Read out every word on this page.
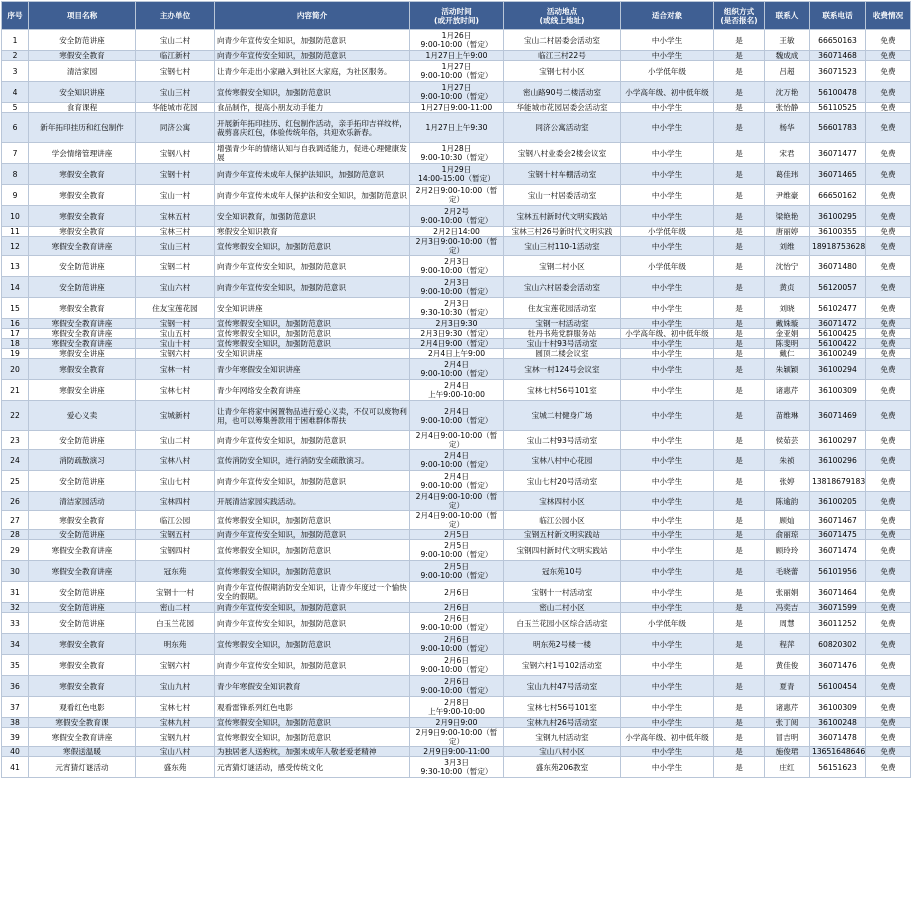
序号	项目名称	主办单位	内容简介	活动时间
(或开放时间)	活动地点
(或线上地址)	适合对象	组织方式
(是否报名)	联系人	联系电话	收费情况
1	安全防范讲座	宝山二村	向青少年宣传安全知识，加强防范意识	1月26日
9:00-10:00（暂定）	宝山二村居委会活动室	中小学生	是	王敏	66650163	免费
2	寒假安全教育	临江新村	向青少年宣传安全知识，加强防范意识	1月27日上午9:00	临江三村22号	中小学生	是	魏成成	36071468	免费
3	清洁家园	宝钢七村	让青少年走出小家融入到社区大家庭，为社区服务。	1月27日
9:00-10:00（暂定）	宝钢七村小区	小学低年级	是	吕超	36071523	免费
4	安全知识讲座	宝山三村	宣传寒假安全知识，加强防范意识	1月27日
9:00-10:00（暂定）	密山路90号二楼活动室	小学高年级、初中低年级	是	沈万艳	56100478	免费
5	食育课程	华能城市花园	食品制作，提高小朋友动手能力	1月27日9:00-11:00	华能城市花园居委会活动室	中小学生	是	张怡静	56110525	免费
6	新年拓印挂历和红包制作	同济公寓	开展新年拓印挂历、红包制作活动，亲手拓印吉祥纹样，裁剪喜庆红包，体验传统年俗，共迎欢乐新春。	1月27日上午9:30	同济公寓活动室	中小学生	是	杨华	56601783	免费
7	学会情绪管理讲座	宝钢八村	增强青少年的情绪认知与自我调适能力，促进心理健康发展	1月28日
9:00-10:30（暂定）	宝钢八村业委会2楼会议室	中小学生	是	宋君	36071477	免费
8	寒假安全教育	宝钢十村	向青少年宣传未成年人保护法知识，加强防范意识	1月29日
14:00-15:00（暂定）	宝钢十村车棚活动室	中小学生	是	葛佳玮	36071465	免费
9	寒假安全教育	宝山一村	向青少年宣传未成年人保护法和安全知识，加强防范意识	2月2日9:00-10:00（暂定）	宝山一村居委活动室	中小学生	是	尹维豪	66650162	免费
10	寒假安全教育	宝林五村	安全知识教育，加强防范意识	2月2号
9:00-10:00（暂定）	宝林五村新时代文明实践站	中小学生	是	梁艳艳	36100295	免费
11	寒假安全教育	宝林三村	寒假安全知识教育	2月2日14:00	宝林三村26号新时代文明实践	小学低年级	是	唐丽婷	36100355	免费
12	寒假安全教育讲座	宝山三村	宣传寒假安全知识，加强防范意识	2月3日9:00-10:00（暂定）	宝山三村110-1活动室	中小学生	是	刘维	18918753628	免费
13	安全防范讲座	宝钢二村	向青少年宣传安全知识，加强防范意识	2月3日
9:00-10:00（暂定）	宝钢二村小区	小学低年级	是	沈怡宁	36071480	免费
14	安全防范讲座	宝山六村	向青少年宣传安全知识，加强防范意识	2月3日
9:00-10:00（暂定）	宝山六村居委会活动室	中小学生	是	黄贞	56120057	免费
15	寒假安全教育	住友宝莲花园	安全知识讲座	2月3日
9:30-10:30（暂定）	住友宝莲花园活动室	中小学生	是	刘晓	56102477	免费
16	寒假安全教育讲座	宝钢一村	宣传寒假安全知识，加强防范意识	2月3日9:30	宝钢一村活动室	中小学生	是	戴姝璇	36071472	免费
17	寒假安全教育讲座	宝山五村	宣传寒假安全知识，加强防范意识	2月3日9:30（暂定）	牡丹书苑党群服务站	小学高年级、初中低年级	是	金亚娟	56100425	免费
18	寒假安全教育讲座	宝山十村	宣传寒假安全知识，加强防范意识	2月4日9:00（暂定）	宝山十村93号活动室	中小学生	是	陈斐明	56100422	免费
19	寒假安全讲座	宝钢六村	安全知识讲座	2月4日上午9:00	圆顶二楼会议室	中小学生	是	戴仁	36100249	免费
20	寒假安全教育	宝林一村	青少年寒假安全知识讲座	2月4日
9:00-10:00（暂定）	宝林一村124号会议室	中小学生	是	朱颖颖	36100294	免费
21	寒假安全讲座	宝林七村	青少年网络安全教育讲座	2月4日
上午9:00-10:00	宝林七村56号101室	中小学生	是	诸惠芹	36100309	免费
22	爱心义卖	宝城新村	让青少年将家中闲置物品进行爱心义卖，不仅可以废物利用，也可以筹集善款用于困难群体帮扶	2月4日
9:00-10:00（暂定）	宝城二村健身广场	中小学生	是	苗维琳	36071469	免费
23	安全防范讲座	宝山二村	向青少年宣传安全知识，加强防范意识	2月4日9:00-10:00（暂定）	宝山二村93号活动室	中小学生	是	侯茹芸	36100297	免费
24	消防疏散演习	宝林八村	宣传消防安全知识，进行消防安全疏散演习。	2月4日
9:00-10:00（暂定）	宝林八村中心花园	中小学生	是	朱祯	36100296	免费
25	安全防范讲座	宝山七村	向青少年宣传安全知识，加强防范意识	2月4日
9:00-10:00（暂定）	宝山七村20号活动室	中小学生	是	张婷	13818679183	免费
26	清洁家园活动	宝林四村	开展清洁家园实践活动。	2月4日9:00-10:00（暂定）	宝林四村小区	中小学生	是	陈逾韵	36100205	免费
27	寒假安全教育	临江公园	宣传寒假安全知识，加强防范意识	2月4日9:00-10:00（暂定）	临江公园小区	中小学生	是	顾灿	36071467	免费
28	安全防范讲座	宝钢五村	向青少年宣传安全知识，加强防范意识	2月5日	宝钢五村新文明实践站	中小学生	是	俞丽琼	36071475	免费
29	寒假安全教育讲座	宝钢四村	宣传寒假安全知识，加强防范意识	2月5日
9:00-10:00（暂定）	宝钢四村新时代文明实践站	中小学生	是	顾玲玲	36071474	免费
30	寒假安全教育讲座	冠东苑	宣传寒假安全知识，加强防范意识	2月5日
9:00-10:00（暂定）	冠东苑10号	中小学生	是	毛晓蕾	56101956	免费
31	安全防范讲座	宝钢十一村	向青少年宣传假期消防安全知识，让青少年度过一个愉快安全的假期。	2月6日	宝钢十一村活动室	中小学生	是	张丽娟	36071464	免费
32	安全防范讲座	密山二村	向青少年宣传安全知识，加强防范意识	2月6日	密山二村小区	中小学生	是	冯奕吉	36071599	免费
33	安全防范讲座	白玉兰花园	向青少年宣传安全知识，加强防范意识	2月6日
9:00-10:00（暂定）	白玉兰花园小区综合活动室	小学低年级	是	周慧	36011252	免费
34	寒假安全教育	明东苑	宣传寒假安全知识，加强防范意识	2月6日
9:00-10:00（暂定）	明东苑2号楼一楼	中小学生	是	程萍	60820302	免费
35	寒假安全教育	宝钢六村	向青少年宣传安全知识，加强防范意识	2月6日
9:00-10:00（暂定）	宝钢六村1号102活动室	中小学生	是	黄佳俊	36071476	免费
36	寒假安全教育	宝山九村	青少年寒假安全知识教育	2月6日
9:00-10:00（暂定）	宝山九村47号活动室	中小学生	是	夏青	56100454	免费
37	观看红色电影	宝林七村	观看雷锋系列红色电影	2月8日
上午9:00-10:00	宝林七村56号101室	中小学生	是	诸惠芹	36100309	免费
38	寒假安全教育课	宝林九村	宣传寒假安全知识，加强防范意识	2月9日9:00	宝林九村26号活动室	中小学生	是	张丁阅	36100248	免费
39	寒假安全教育讲座	宝钢九村	宣传寒假安全知识，加强防范意识	2月9日9:00-10:00（暂定）	宝钢九村活动室	小学高年级、初中低年级	是	冒吉明	36071478	免费
40	寒假送温暖	宝山八村	为独居老人送抱枕，加强未成年人敬老爱老精神	2月9日9:00-11:00	宝山八村小区	中小学生	是	施俊珺	13651648646	免费
41	元宵猜灯谜活动	盛东苑	元宵猜灯谜活动，感受传统文化	3月3日
9:30-10:00（暂定）	盛东苑206教室	中小学生	是	庄红	56151623	免费
